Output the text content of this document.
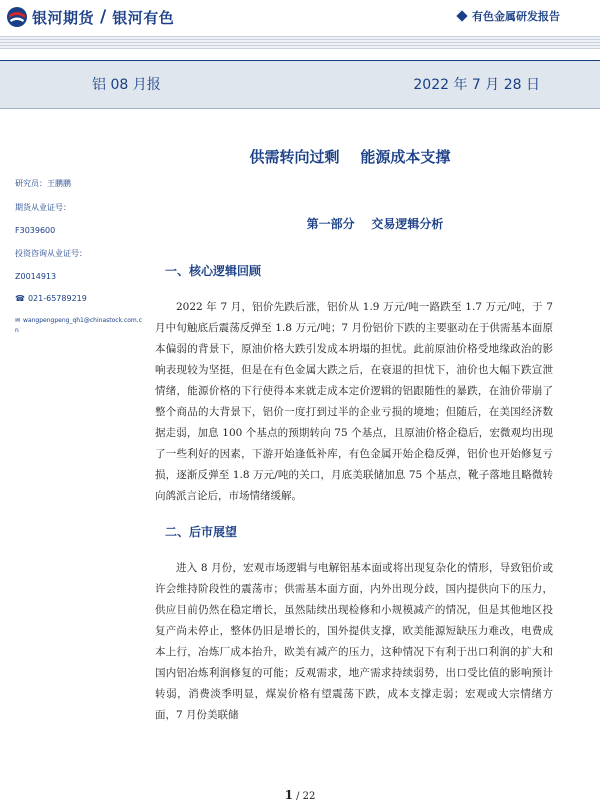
银河期货 / 银河有色	有色金属研发报告
铝 08 月报	2022 年 7 月 28 日
供需转向过剩    能源成本支撑
研究员：王鹏鹏
期货从业证号：
F3039600
投资咨询从业证号：
Z0014913
☎ 021-65789219
✉ wangpengpeng_qh1@chinastock.com.cn
第一部分    交易逻辑分析
一、核心逻辑回顾

2022 年 7 月，铝价先跌后涨，铝价从 1.9 万元/吨一路跌至 1.7 万元/吨，于 7 月中旬触底后震荡反弹至 1.8 万元/吨；7 月份铝价下跌的主要驱动在于供需基本面原本偏弱的背景下，原油价格大跌引发成本坍塌的担忧。此前原油价格受地缘政治的影响表现较为坚挺，但是在有色金属大跌之后，在衰退的担忧下，油价也大幅下跌宣泄情绪，能源价格的下行使得本来就走成本定价逻辑的铝跟随性的暴跌，在油价带崩了整个商品的大背景下，铝价一度打到过半的企业亏损的境地；但随后，在美国经济数据走弱，加息 100 个基点的预期转向 75 个基点，且原油价格企稳后，宏微观均出现了一些利好的因素，下游开始逢低补库，有色金属开始企稳反弹，铝价也开始修复亏损，逐渐反弹至 1.8 万元/吨的关口，月底美联储加息 75 个基点，靴子落地且略微转向鸽派言论后，市场情绪缓解。

二、后市展望

进入 8 月份，宏观市场逻辑与电解铝基本面或将出现复杂化的情形，导致铝价或许会维持阶段性的震荡市；供需基本面方面，内外出现分歧，国内提供向下的压力，供应目前仍然在稳定增长，虽然陆续出现检修和小规模减产的情况，但是其他地区投复产尚未停止，整体仍旧是增长的，国外提供支撑，欧美能源短缺压力难改，电费成本上行，冶炼厂成本抬升，欧美有减产的压力，这种情况下有利于出口利润的扩大和国内铝冶炼利润修复的可能；反观需求，地产需求持续弱势，出口受比值的影响预计转弱，消费淡季明显，煤炭价格有望震荡下跌，成本支撑走弱；宏观或大宗情绪方面，7 月份美联储

1 / 22
